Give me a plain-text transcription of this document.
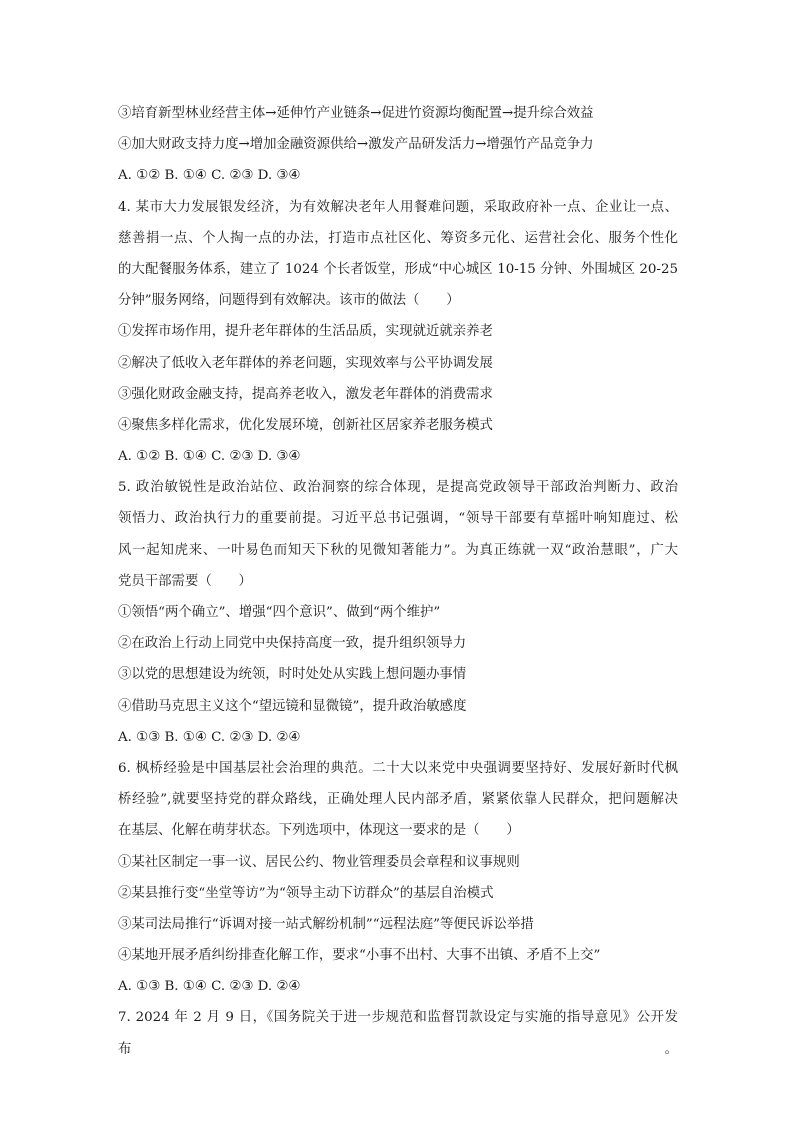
③培育新型林业经营主体→延伸竹产业链条→促进竹资源均衡配置→提升综合效益
④加大财政支持力度→增加金融资源供给→激发产品研发活力→增强竹产品竞争力
A. ①② B. ①④ C. ②③ D. ③④
4. 某市大力发展银发经济，为有效解决老年人用餐难问题，采取政府补一点、企业让一点、
慈善捐一点、个人掏一点的办法，打造市点社区化、筹资多元化、运营社会化、服务个性化
的大配餐服务体系，建立了 1024 个长者饭堂，形成“中心城区 10-15 分钟、外围城区 20-25
分钟”服务网络，问题得到有效解决。该市的做法（　　）
①发挥市场作用，提升老年群体的生活品质，实现就近就亲养老
②解决了低收入老年群体的养老问题，实现效率与公平协调发展
③强化财政金融支持，提高养老收入，激发老年群体的消费需求
④聚焦多样化需求，优化发展环境，创新社区居家养老服务模式
A. ①② B. ①④ C. ②③ D. ③④
5. 政治敏锐性是政治站位、政治洞察的综合体现，是提高党政领导干部政治判断力、政治
领悟力、政治执行力的重要前提。习近平总书记强调，“领导干部要有草摇叶响知鹿过、松
风一起知虎来、一叶易色而知天下秋的见微知著能力”。为真正练就一双“政治慧眼”，广大
党员干部需要（　　）
①领悟“两个确立”、增强“四个意识”、做到“两个维护”
②在政治上行动上同党中央保持高度一致，提升组织领导力
③以党的思想建设为统领，时时处处从实践上想问题办事情
④借助马克思主义这个“望远镜和显微镜”，提升政治敏感度
A. ①③ B. ①④ C. ②③ D. ②④
6. 枫桥经验是中国基层社会治理的典范。二十大以来党中央强调要坚持好、发展好新时代枫
桥经验”,就要坚持党的群众路线，正确处理人民内部矛盾，紧紧依靠人民群众，把问题解决
在基层、化解在萌芽状态。下列选项中，体现这一要求的是（　　）
①某社区制定一事一议、居民公约、物业管理委员会章程和议事规则
②某县推行变“坐堂等访”为“领导主动下访群众”的基层自治模式
③某司法局推行“诉调对接一站式解纷机制”“远程法庭”等便民诉讼举措
④某地开展矛盾纠纷排查化解工作，要求“小事不出村、大事不出镇、矛盾不上交”
A. ①③ B. ①④ C. ②③ D. ②④
7. 2024 年 2 月 9 日，《国务院关于进一步规范和监督罚款设定与实施的指导意见》公开发布。
